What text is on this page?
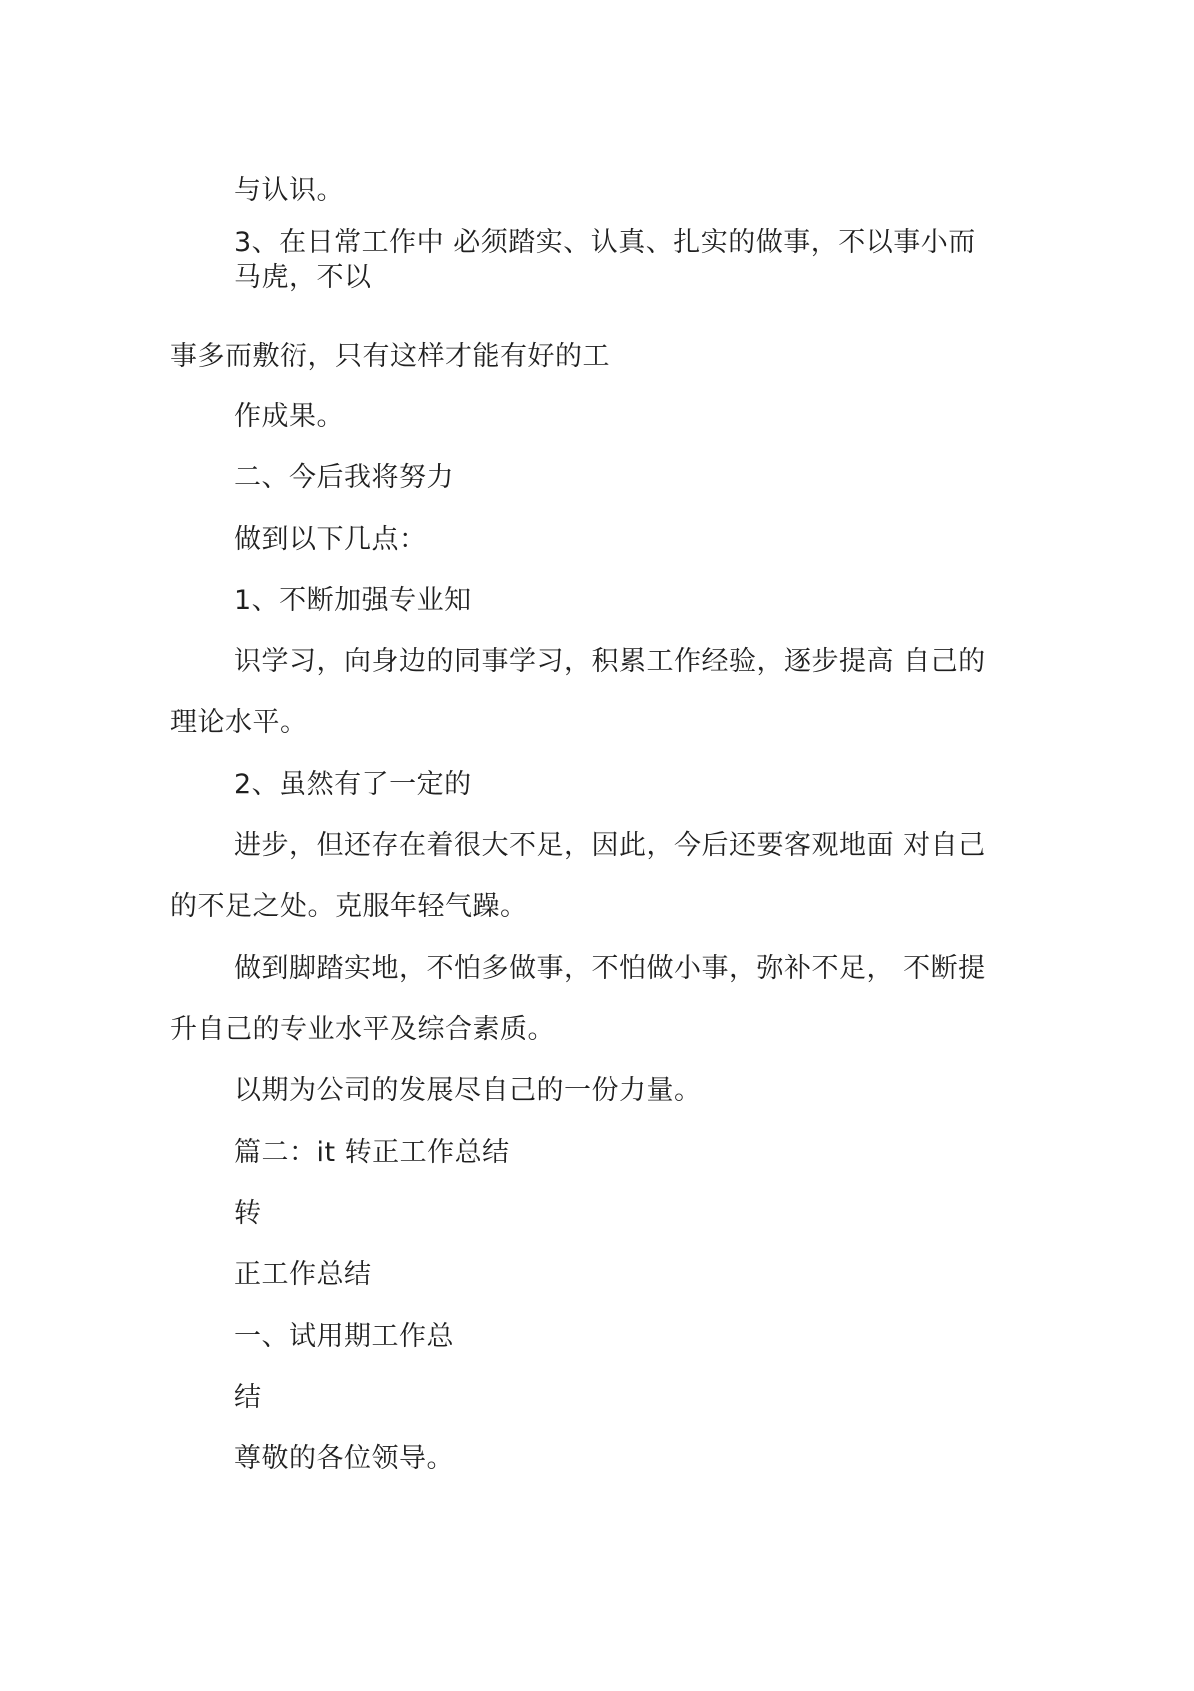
与认识。

3、在日常工作中 必须踏实、认真、扎实的做事，不以事小而

马虎，不以

事多而敷衍，只有这样才能有好的工

作成果。

二、今后我将努力

做到以下几点：

1、不断加强专业知

识学习，向身边的同事学习，积累工作经验，逐步提高 自己的

理论水平。

2、虽然有了一定的

进步，但还存在着很大不足，因此，今后还要客观地面 对自己

的不足之处。克服年轻气躁。

做到脚踏实地，不怕多做事，不怕做小事，弥补不足， 不断提

升自己的专业水平及综合素质。

以期为公司的发展尽自己的一份力量。

篇二：it 转正工作总结

转

正工作总结

一、试用期工作总

结

尊敬的各位领导。
